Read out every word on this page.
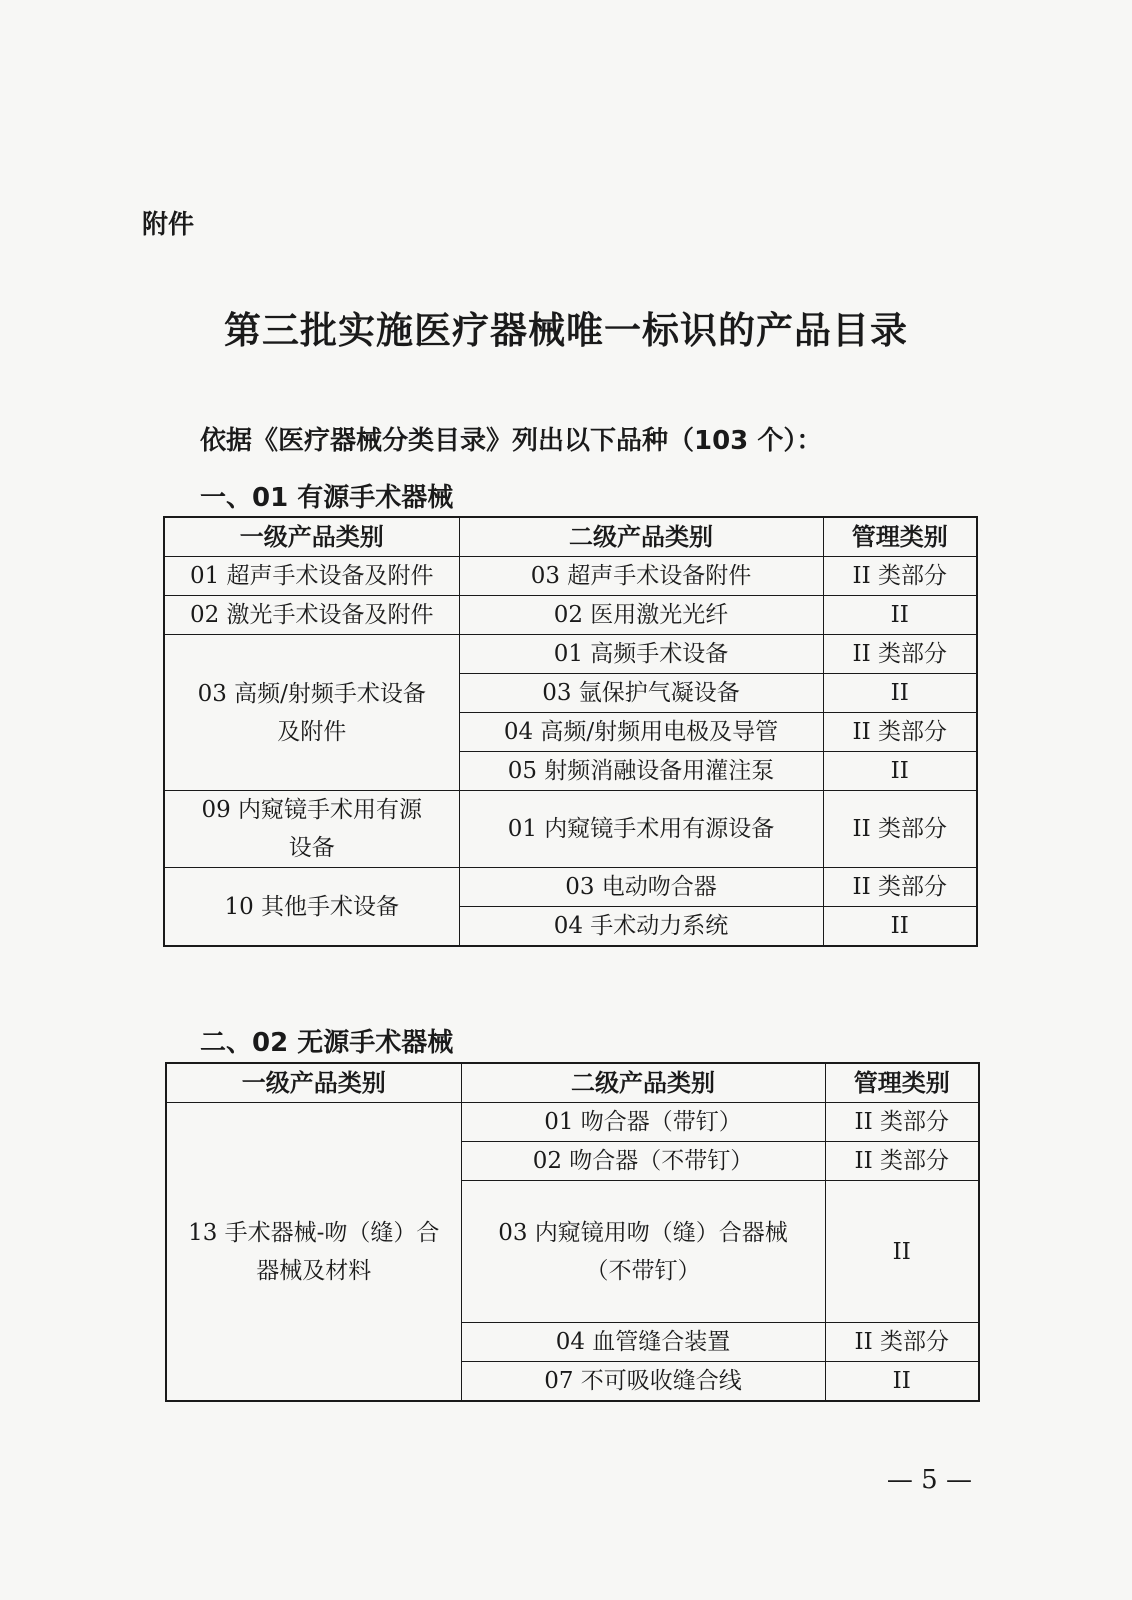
附件
第三批实施医疗器械唯一标识的产品目录
依据《医疗器械分类目录》列出以下品种（103 个）：
一、01 有源手术器械
一级产品类别	二级产品类别	管理类别
01 超声手术设备及附件	03 超声手术设备附件	II 类部分
02 激光手术设备及附件	02 医用激光光纤	II
03 高频/射频手术设备
及附件	01 高频手术设备	II 类部分
	03 氩保护气凝设备	II
	04 高频/射频用电极及导管	II 类部分
	05 射频消融设备用灌注泵	II
09 内窥镜手术用有源
设备	01 内窥镜手术用有源设备	II 类部分
10 其他手术设备	03 电动吻合器	II 类部分
	04 手术动力系统	II
二、02 无源手术器械
一级产品类别	二级产品类别	管理类别
13 手术器械-吻（缝）合
器械及材料	01 吻合器（带钉）	II 类部分
	02 吻合器（不带钉）	II 类部分
	03 内窥镜用吻（缝）合器械
（不带钉）	II
	04 血管缝合装置	II 类部分
	07 不可吸收缝合线	II
— 5 —
